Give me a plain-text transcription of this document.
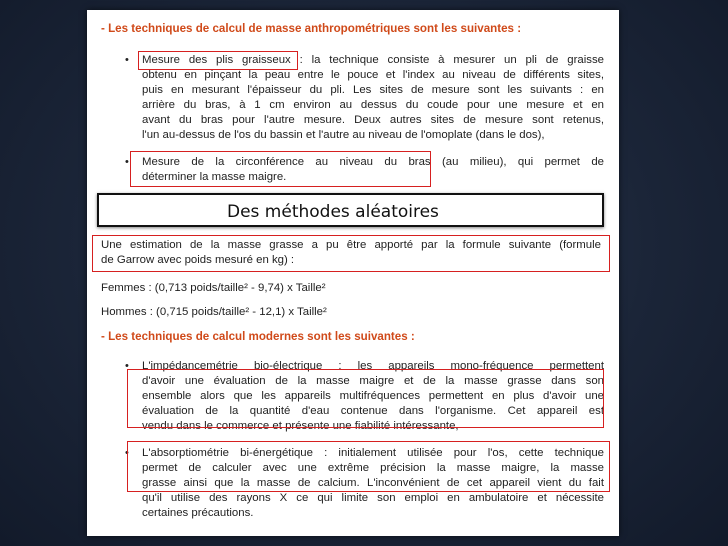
- Les techniques de calcul de masse anthropométriques sont les suivantes :
• Mesure des plis graisseux : la technique consiste à mesurer un pli de graisse
obtenu en pinçant la peau entre le pouce et l'index au niveau de différents sites,
puis en mesurant l'épaisseur du pli. Les sites de mesure sont les suivants : en
arrière du bras, à 1 cm environ au dessus du coude pour une mesure et en
avant du bras pour l'autre mesure. Deux autres sites de mesure sont retenus,
l'un au-dessus de l'os du bassin et l'autre au niveau de l'omoplate (dans le dos),
• Mesure de la circonférence au niveau du bras (au milieu), qui permet de
déterminer la masse maigre.
Une estimation de la masse grasse a pu être apporté par la formule suivante (formule
de Garrow avec poids mesuré en kg) :
Femmes : (0,713 poids/taille² - 9,74) x Taille²
Hommes : (0,715 poids/taille² - 12,1) x Taille²
- Les techniques de calcul modernes sont les suivantes :
• L'impédancemétrie bio-électrique : les appareils mono-fréquence permettent
d'avoir une évaluation de la masse maigre et de la masse grasse dans son
ensemble alors que les appareils multifréquences permettent en plus d'avoir une
évaluation de la quantité d'eau contenue dans l'organisme. Cet appareil est
vendu dans le commerce et présente une fiabilité intéressante,
• L'absorptiométrie bi-énergétique : initialement utilisée pour l'os, cette technique
permet de calculer avec une extrême précision la masse maigre, la masse
grasse ainsi que la masse de calcium. L'inconvénient de cet appareil vient du fait
qu'il utilise des rayons X ce qui limite son emploi en ambulatoire et nécessite
certaines précautions.
Des méthodes aléatoires
